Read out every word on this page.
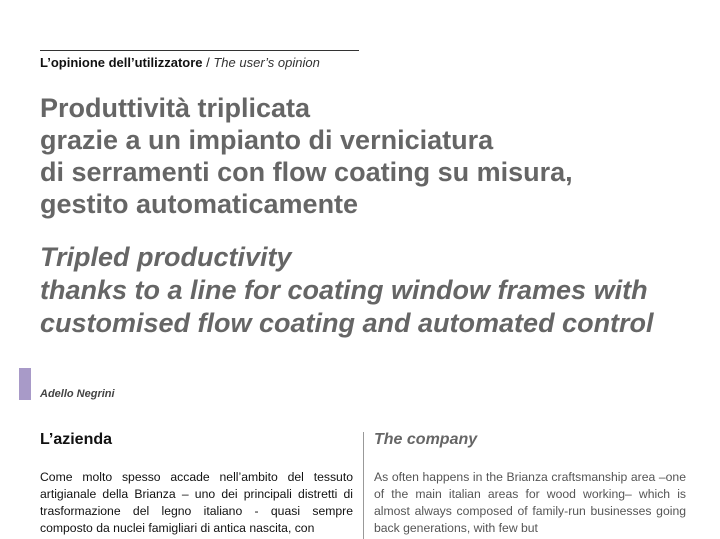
L’opinione dell’utilizzatore / The user’s opinion
Produttività triplicata
grazie a un impianto di verniciatura
di serramenti con flow coating su misura,
gestito automaticamente
Tripled productivity
thanks to a line for coating window frames with
customised flow coating and automated control
Adello Negrini
L’azienda
Come molto spesso accade nell’ambito del tessuto artigianale della Brianza – uno dei principali distretti di trasformazione del legno italiano - quasi sempre composto da nuclei famigliari di antica nascita, con
The company
As often happens in the Brianza craftsmanship area –one of the main italian areas for wood working– which is almost always composed of family-run businesses going back generations, with few but
